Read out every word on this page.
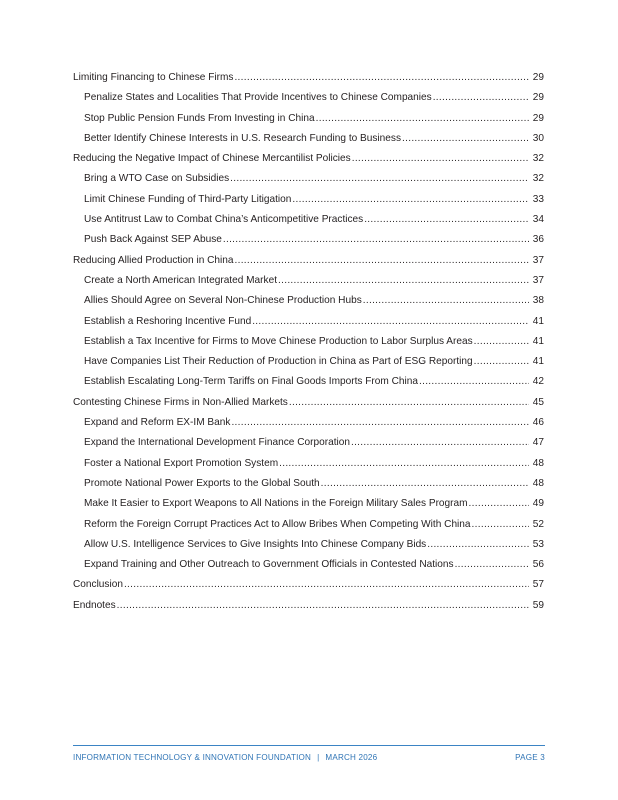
Limiting Financing to Chinese Firms .....	29
Penalize States and Localities That Provide Incentives to Chinese Companies .....	29
Stop Public Pension Funds From Investing in China .....	29
Better Identify Chinese Interests in U.S. Research Funding to Business .....	30
Reducing the Negative Impact of Chinese Mercantilist Policies .....	32
Bring a WTO Case on Subsidies .....	32
Limit Chinese Funding of Third-Party Litigation .....	33
Use Antitrust Law to Combat China’s Anticompetitive Practices .....	34
Push Back Against SEP Abuse .....	36
Reducing Allied Production in China .....	37
Create a North American Integrated Market .....	37
Allies Should Agree on Several Non-Chinese Production Hubs .....	38
Establish a Reshoring Incentive Fund .....	41
Establish a Tax Incentive for Firms to Move Chinese Production to Labor Surplus Areas .....	41
Have Companies List Their Reduction of Production in China as Part of ESG Reporting .....	41
Establish Escalating Long-Term Tariffs on Final Goods Imports From China .....	42
Contesting Chinese Firms in Non-Allied Markets .....	45
Expand and Reform EX-IM Bank .....	46
Expand the International Development Finance Corporation .....	47
Foster a National Export Promotion System .....	48
Promote National Power Exports to the Global South .....	48
Make It Easier to Export Weapons to All Nations in the Foreign Military Sales Program .....	49
Reform the Foreign Corrupt Practices Act to Allow Bribes When Competing With China .....	52
Allow U.S. Intelligence Services to Give Insights Into Chinese Company Bids .....	53
Expand Training and Other Outreach to Government Officials in Contested Nations .....	56
Conclusion .....	57
Endnotes .....	59
INFORMATION TECHNOLOGY & INNOVATION FOUNDATION | MARCH 2026	PAGE 3
